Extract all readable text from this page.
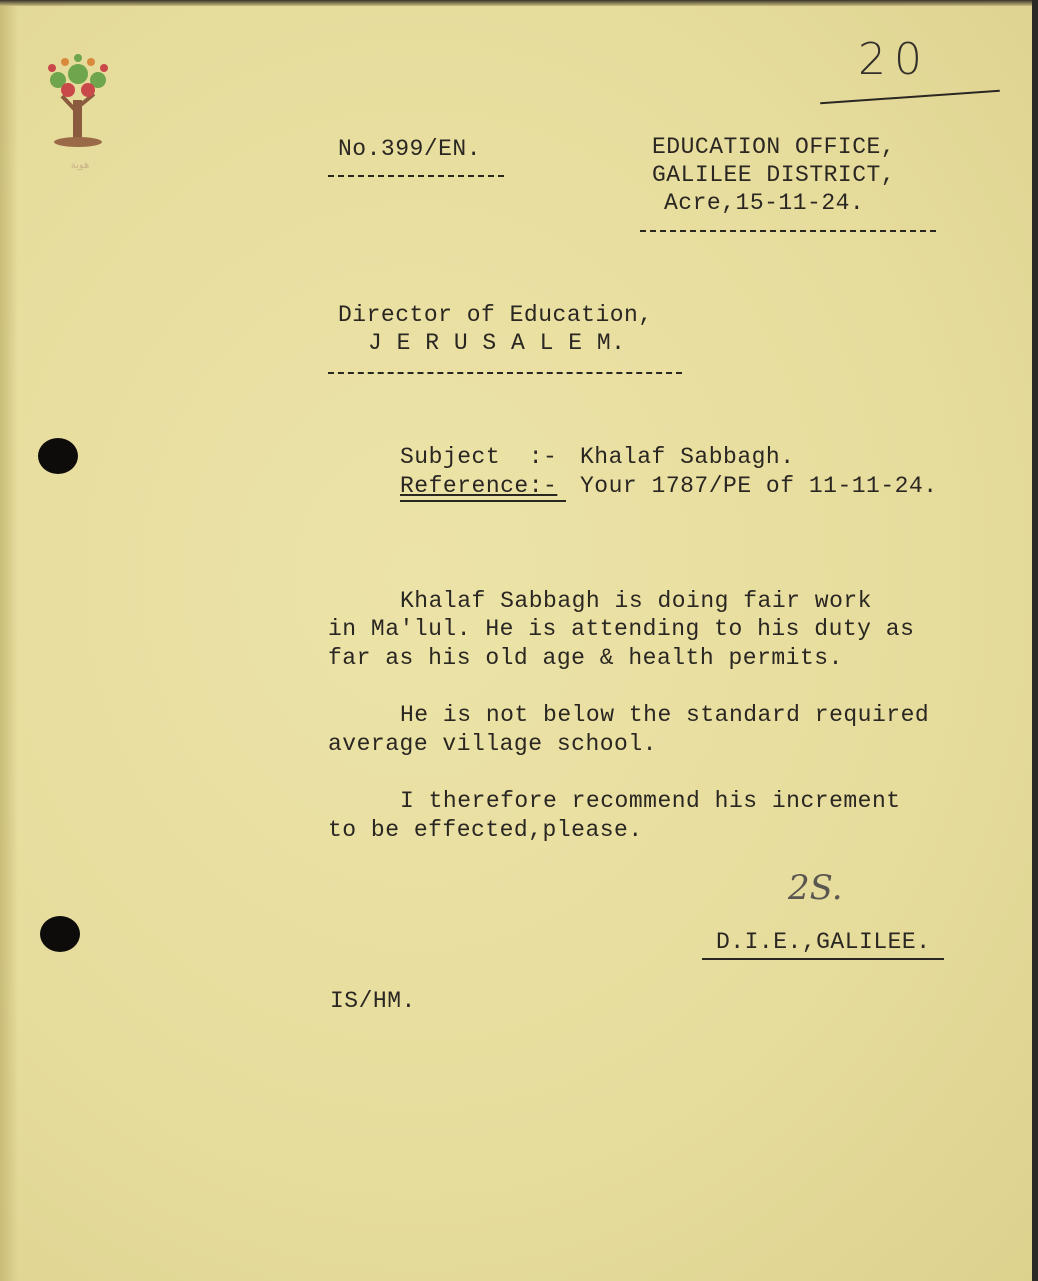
هوية
20
No.399/EN.	EDUCATION OFFICE,
GALILEE DISTRICT,
Acre,15-11-24.
Director of Education,
J E R U S A L E M.
Subject  :- Khalaf Sabbagh.
Reference:- Your 1787/PE of 11-11-24.
Khalaf Sabbagh is doing fair work
in Ma'lul. He is attending to his duty as
far as his old age & health permits.
He is not below the standard required
average village school.
I therefore recommend his increment
to be effected,please.
2S.
D.I.E.,GALILEE.
IS/HM.
